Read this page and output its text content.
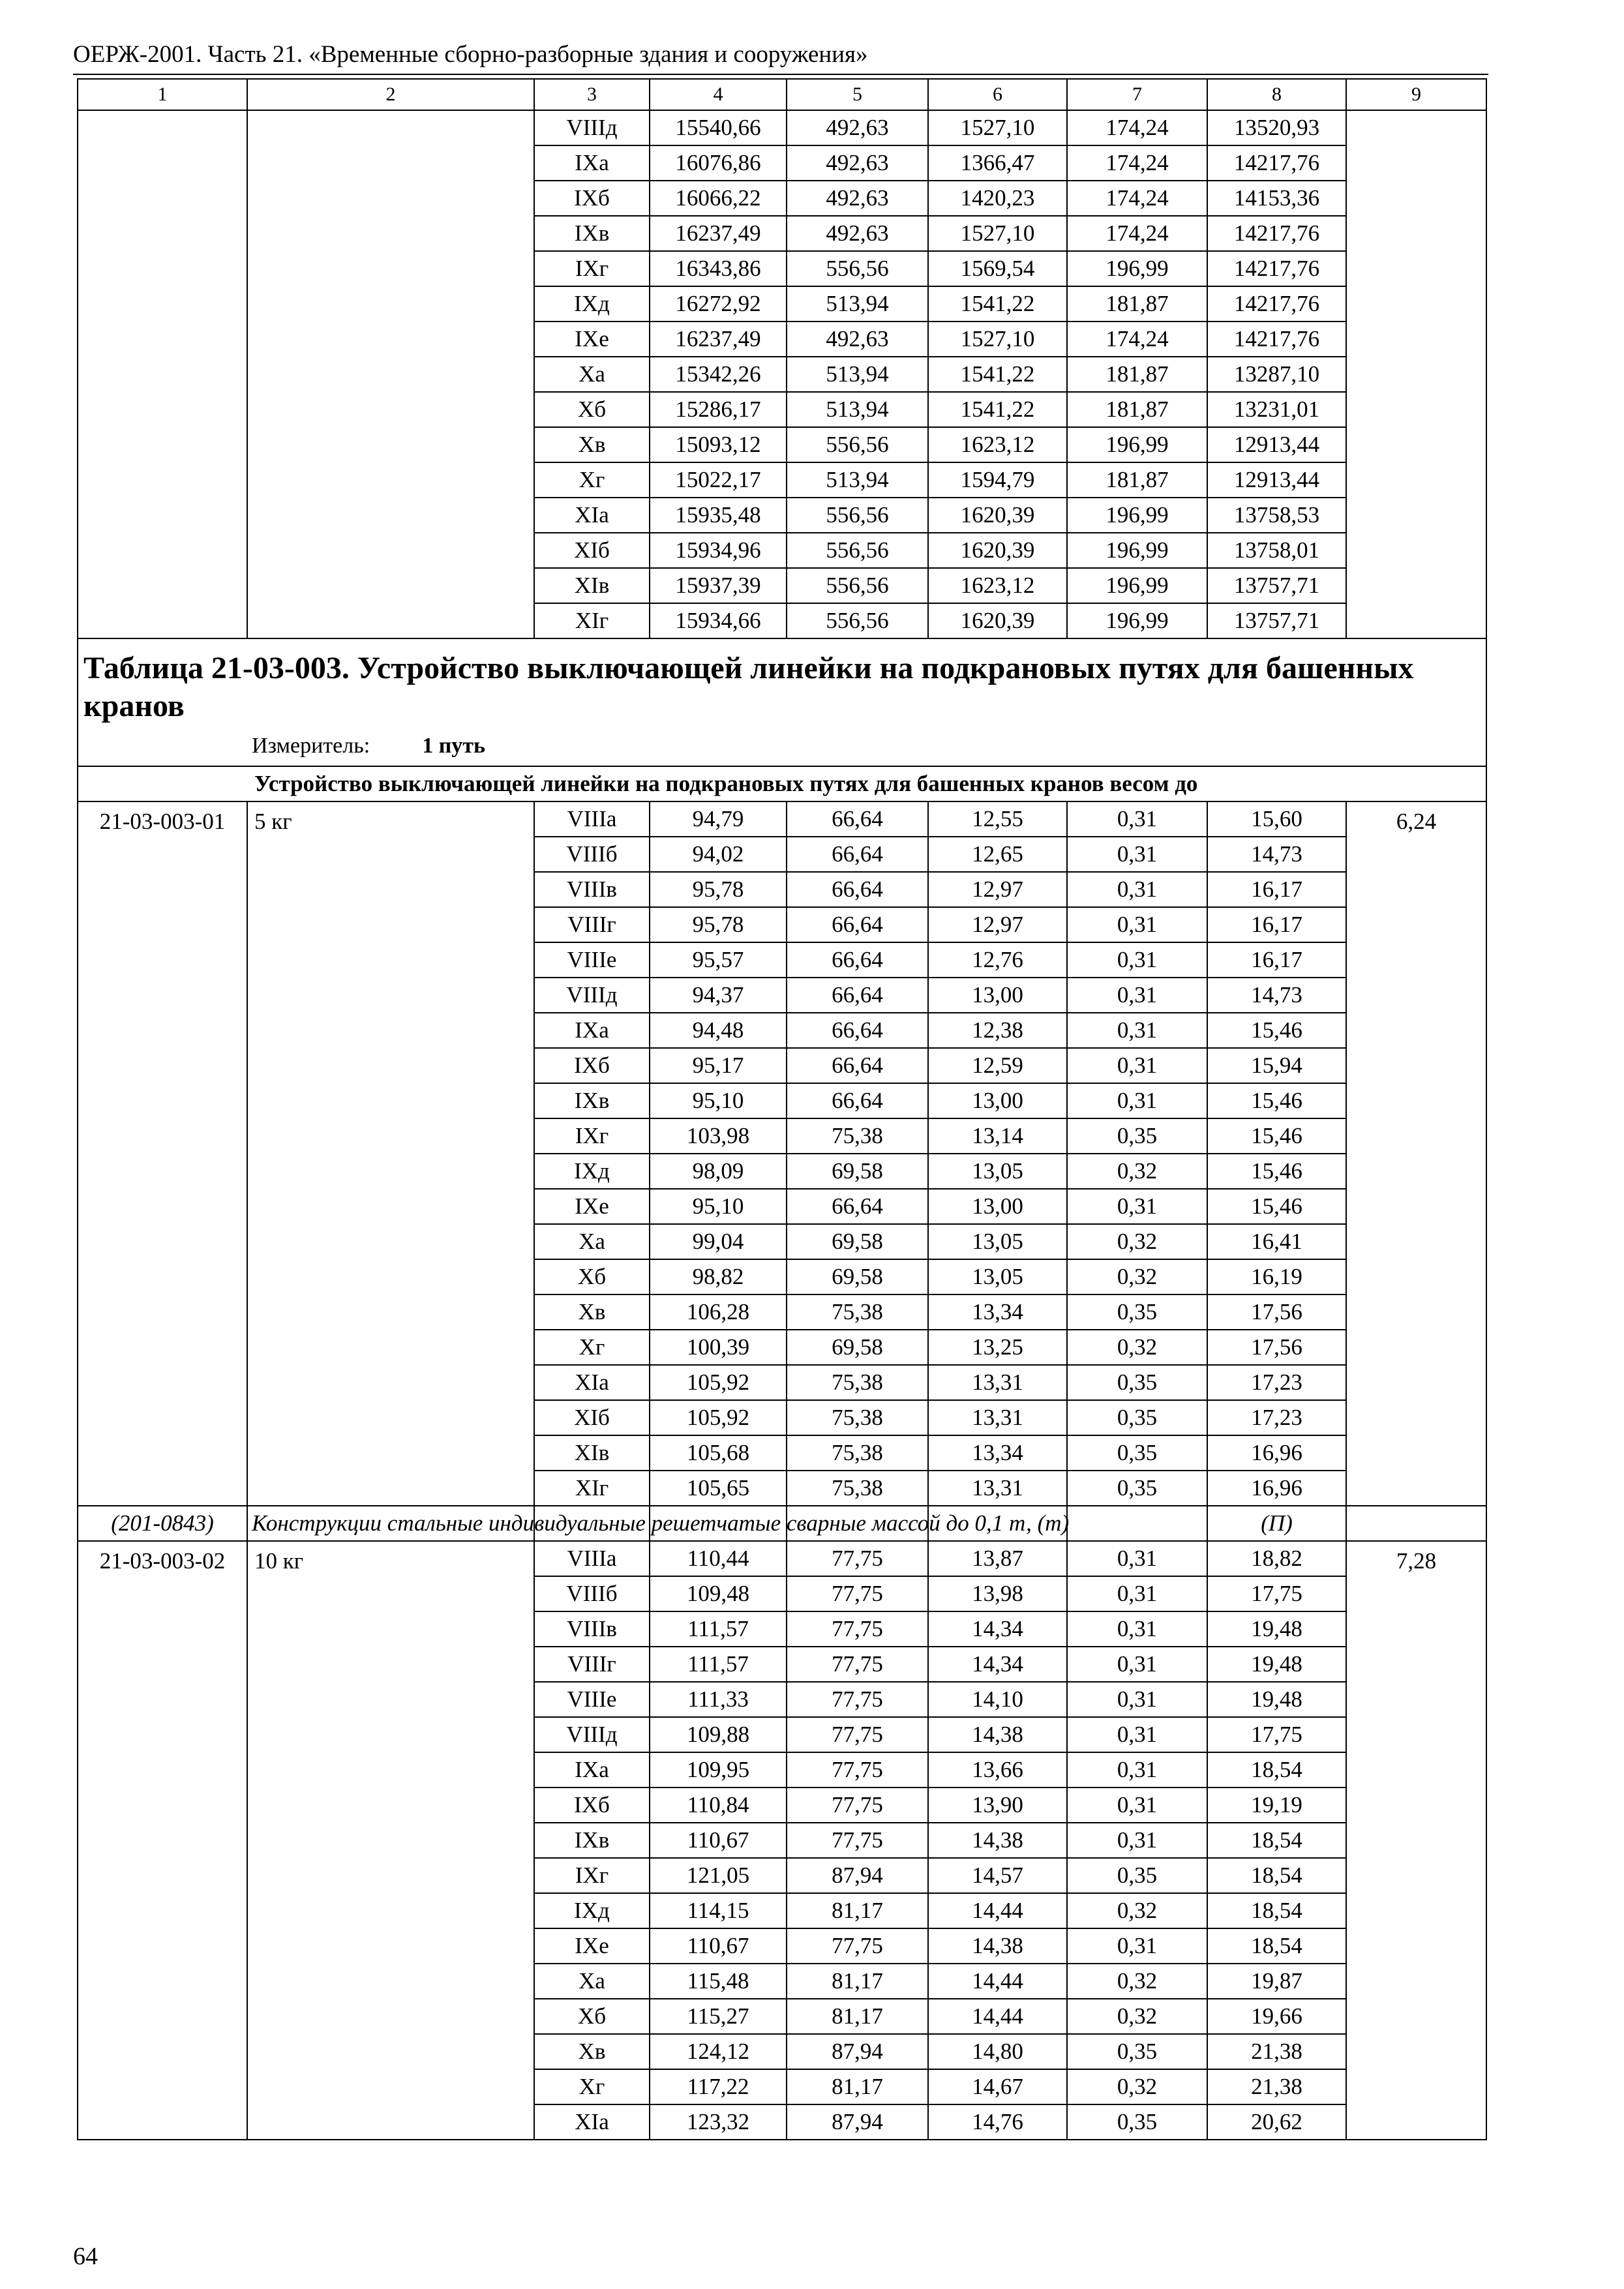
ОЕРЖ-2001. Часть 21. «Временные сборно-разборные здания и сооружения»
1	2	3	4	5	6	7	8	9
		VIIIд	15540,66	492,63	1527,10	174,24	13520,93	
		IXа	16076,86	492,63	1366,47	174,24	14217,76	
		IXб	16066,22	492,63	1420,23	174,24	14153,36	
		IXв	16237,49	492,63	1527,10	174,24	14217,76	
		IXг	16343,86	556,56	1569,54	196,99	14217,76	
		IXд	16272,92	513,94	1541,22	181,87	14217,76	
		IXе	16237,49	492,63	1527,10	174,24	14217,76	
		Xа	15342,26	513,94	1541,22	181,87	13287,10	
		Xб	15286,17	513,94	1541,22	181,87	13231,01	
		Xв	15093,12	556,56	1623,12	196,99	12913,44	
		Xг	15022,17	513,94	1594,79	181,87	12913,44	
		XIа	15935,48	556,56	1620,39	196,99	13758,53	
		XIб	15934,96	556,56	1620,39	196,99	13758,01	
		XIв	15937,39	556,56	1623,12	196,99	13757,71	
		XIг	15934,66	556,56	1620,39	196,99	13757,71	

Таблица 21-03-003. Устройство выключающей линейки на подкрановых путях для башенных кранов
Измеритель: 1 путь								

Устройство выключающей линейки на подкрановых путях для башенных кранов весом до								
21-03-003-01	5 кг	VIIIа	94,79	66,64	12,55	0,31	15,60	6,24
		VIIIб	94,02	66,64	12,65	0,31	14,73	
		VIIIв	95,78	66,64	12,97	0,31	16,17	
		VIIIг	95,78	66,64	12,97	0,31	16,17	
		VIIIе	95,57	66,64	12,76	0,31	16,17	
		VIIIд	94,37	66,64	13,00	0,31	14,73	
		IXа	94,48	66,64	12,38	0,31	15,46	
		IXб	95,17	66,64	12,59	0,31	15,94	
		IXв	95,10	66,64	13,00	0,31	15,46	
		IXг	103,98	75,38	13,14	0,35	15,46	
		IXд	98,09	69,58	13,05	0,32	15,46	
		IXе	95,10	66,64	13,00	0,31	15,46	
		Xа	99,04	69,58	13,05	0,32	16,41	
		Xб	98,82	69,58	13,05	0,32	16,19	
		Xв	106,28	75,38	13,34	0,35	17,56	
		Xг	100,39	69,58	13,25	0,32	17,56	
		XIа	105,92	75,38	13,31	0,35	17,23	
		XIб	105,92	75,38	13,31	0,35	17,23	
		XIв	105,68	75,38	13,34	0,35	16,96	
		XIг	105,65	75,38	13,31	0,35	16,96	
(201-0843)	Конструкции стальные индивидуальные решетчатые сварные массой до 0,1 т, (т)						(П)	
21-03-003-02	10 кг	VIIIа	110,44	77,75	13,87	0,31	18,82	7,28
		VIIIб	109,48	77,75	13,98	0,31	17,75	
		VIIIв	111,57	77,75	14,34	0,31	19,48	
		VIIIг	111,57	77,75	14,34	0,31	19,48	
		VIIIе	111,33	77,75	14,10	0,31	19,48	
		VIIIд	109,88	77,75	14,38	0,31	17,75	
		IXа	109,95	77,75	13,66	0,31	18,54	
		IXб	110,84	77,75	13,90	0,31	19,19	
		IXв	110,67	77,75	14,38	0,31	18,54	
		IXг	121,05	87,94	14,57	0,35	18,54	
		IXд	114,15	81,17	14,44	0,32	18,54	
		IXе	110,67	77,75	14,38	0,31	18,54	
		Xа	115,48	81,17	14,44	0,32	19,87	
		Xб	115,27	81,17	14,44	0,32	19,66	
		Xв	124,12	87,94	14,80	0,35	21,38	
		Xг	117,22	81,17	14,67	0,32	21,38	
		XIа	123,32	87,94	14,76	0,35	20,62	
64
